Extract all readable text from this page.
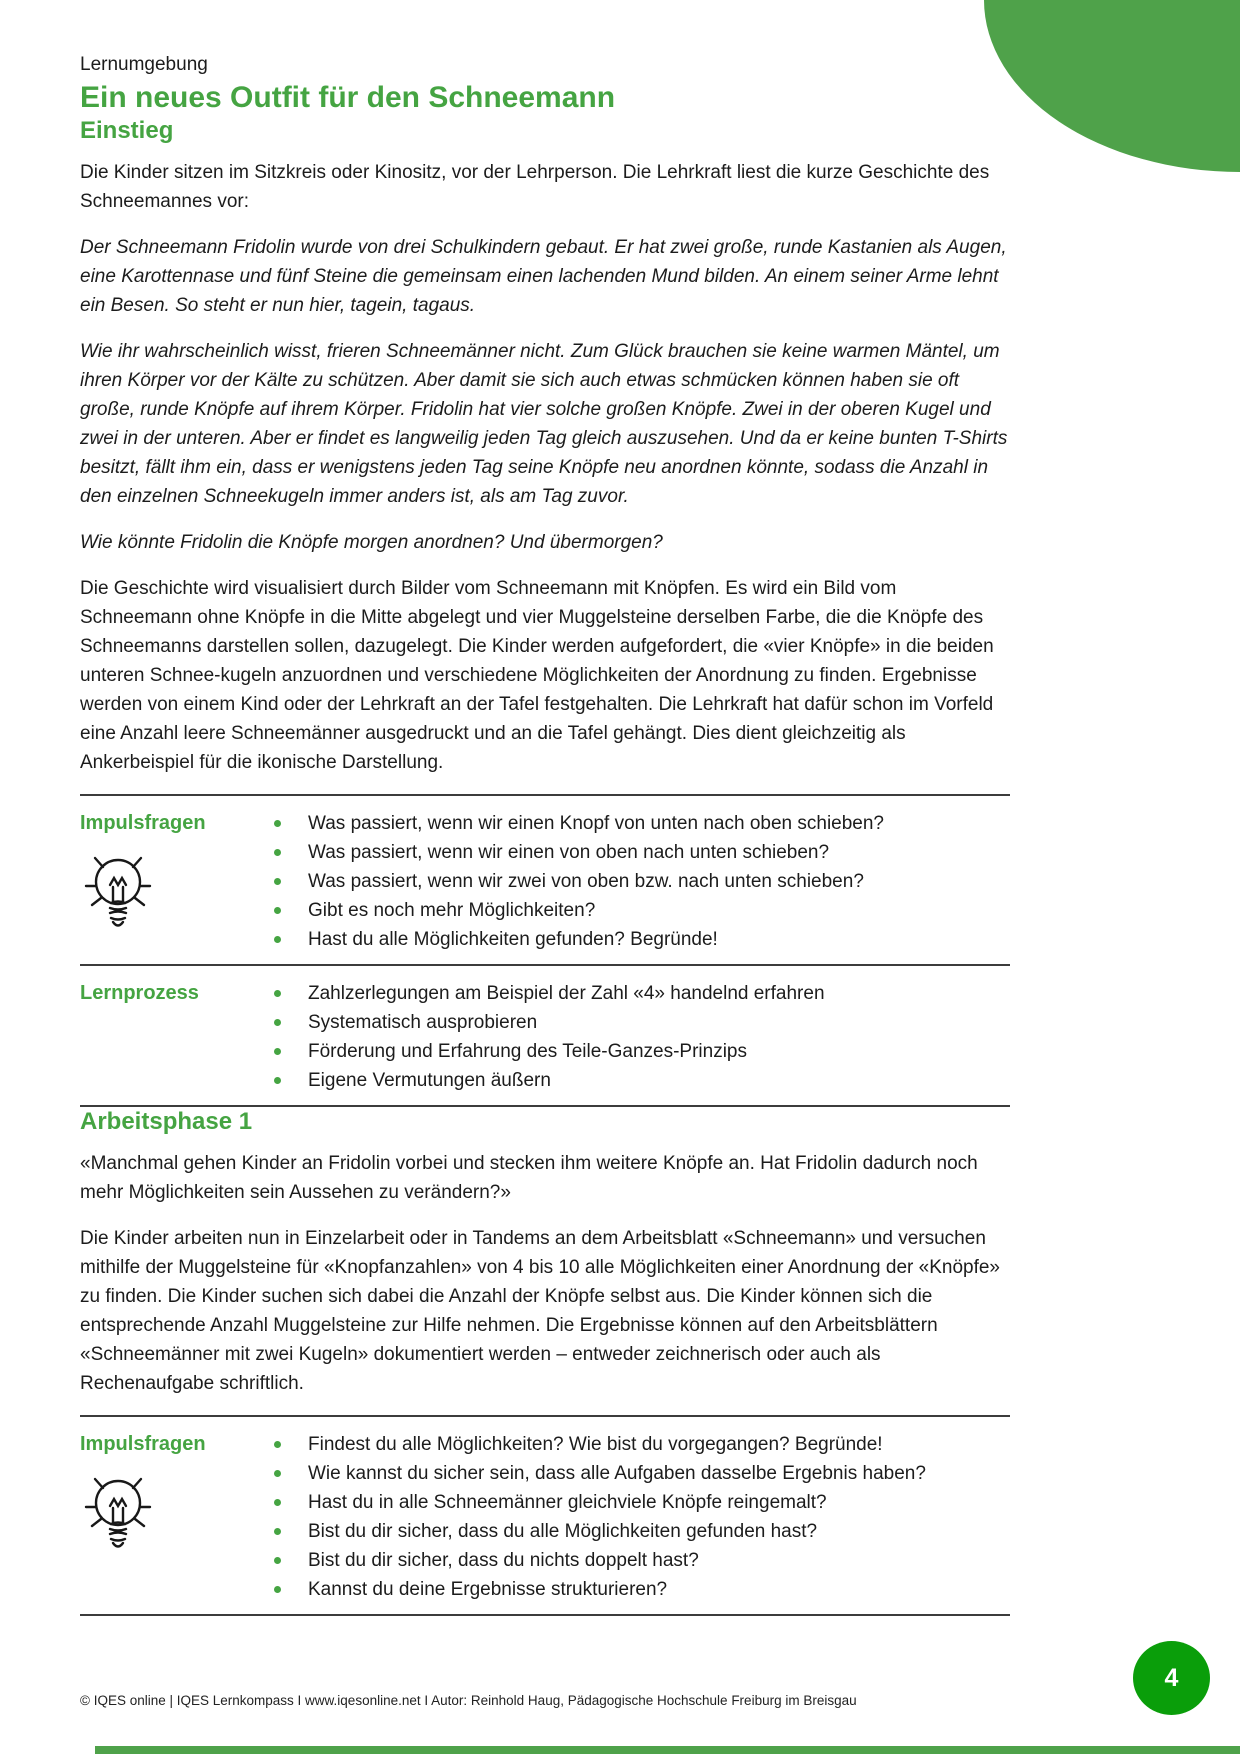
Lernumgebung

Ein neues Outfit für den Schneemann
Einstieg

Die Kinder sitzen im Sitzkreis oder Kinositz, vor der Lehrperson. Die Lehrkraft liest die kurze Geschichte des Schneemannes vor:

Der Schneemann Fridolin wurde von drei Schulkindern gebaut. Er hat zwei große, runde Kastanien als Augen, eine Karottennase und fünf Steine die gemeinsam einen lachenden Mund bilden. An einem seiner Arme lehnt ein Besen. So steht er nun hier, tagein, tagaus.

Wie ihr wahrscheinlich wisst, frieren Schneemänner nicht. Zum Glück brauchen sie keine warmen Mäntel, um ihren Körper vor der Kälte zu schützen. Aber damit sie sich auch etwas schmücken können haben sie oft große, runde Knöpfe auf ihrem Körper. Fridolin hat vier solche großen Knöpfe. Zwei in der oberen Kugel und zwei in der unteren. Aber er findet es langweilig jeden Tag gleich auszusehen. Und da er keine bunten T-Shirts besitzt, fällt ihm ein, dass er wenigstens jeden Tag seine Knöpfe neu anordnen könnte, sodass die Anzahl in den einzelnen Schneekugeln immer anders ist, als am Tag zuvor.

Wie könnte Fridolin die Knöpfe morgen anordnen? Und übermorgen?

Die Geschichte wird visualisiert durch Bilder vom Schneemann mit Knöpfen. Es wird ein Bild vom Schneemann ohne Knöpfe in die Mitte abgelegt und vier Muggelsteine derselben Farbe, die die Knöpfe des Schneemanns darstellen sollen, dazugelegt. Die Kinder werden aufgefordert, die «vier Knöpfe» in die beiden unteren Schnee-kugeln anzuordnen und verschiedene Möglichkeiten der Anordnung zu finden. Ergebnisse werden von einem Kind oder der Lehrkraft an der Tafel festgehalten. Die Lehrkraft hat dafür schon im Vorfeld eine Anzahl leere Schneemänner ausgedruckt und an die Tafel gehängt. Dies dient gleichzeitig als Ankerbeispiel für die ikonische Darstellung.

Impulsfragen	Was passiert, wenn wir einen Knopf von unten nach oben schieben?
Was passiert, wenn wir einen von oben nach unten schieben?
Was passiert, wenn wir zwei von oben bzw. nach unten schieben?
Gibt es noch mehr Möglichkeiten?
Hast du alle Möglichkeiten gefunden? Begründe!
Lernprozess	Zahlzerlegungen am Beispiel der Zahl «4» handelnd erfahren
Systematisch ausprobieren
Förderung und Erfahrung des Teile-Ganzes-Prinzips
Eigene Vermutungen äußern
Arbeitsphase 1

«Manchmal gehen Kinder an Fridolin vorbei und stecken ihm weitere Knöpfe an. Hat Fridolin dadurch noch mehr Möglichkeiten sein Aussehen zu verändern?»

Die Kinder arbeiten nun in Einzelarbeit oder in Tandems an dem Arbeitsblatt «Schneemann» und versuchen mithilfe der Muggelsteine für «Knopfanzahlen» von 4 bis 10 alle Möglichkeiten einer Anordnung der «Knöpfe» zu finden. Die Kinder suchen sich dabei die Anzahl der Knöpfe selbst aus. Die Kinder können sich die entsprechende Anzahl Muggelsteine zur Hilfe nehmen. Die Ergebnisse können auf den Arbeitsblättern «Schneemänner mit zwei Kugeln» dokumentiert werden – entweder zeichnerisch oder auch als Rechenaufgabe schriftlich.

Impulsfragen	Findest du alle Möglichkeiten? Wie bist du vorgegangen? Begründe!
Wie kannst du sicher sein, dass alle Aufgaben dasselbe Ergebnis haben?
Hast du in alle Schneemänner gleichviele Knöpfe reingemalt?
Bist du dir sicher, dass du alle Möglichkeiten gefunden hast?
Bist du dir sicher, dass du nichts doppelt hast?
Kannst du deine Ergebnisse strukturieren?
© IQES online | IQES Lernkompass I www.iqesonline.net I Autor: Reinhold Haug, Pädagogische Hochschule Freiburg im Breisgau
4
